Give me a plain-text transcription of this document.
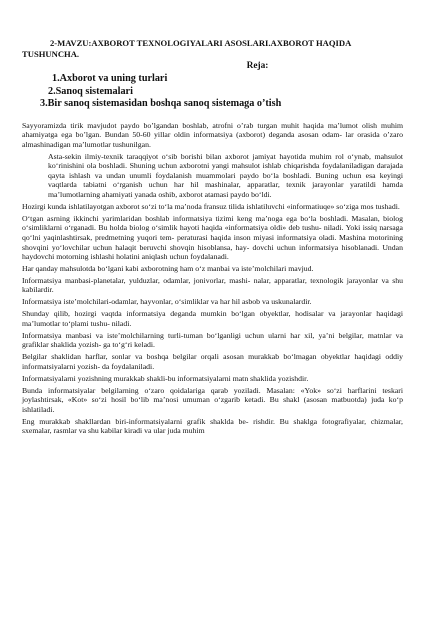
2-MAVZU:AXBOROT TEXNOLOGIYALARI ASOSLARI.AXBOROT HAQIDA TUSHUNCHA.
Reja:
1.Axborot va uning turlari
2.Sanoq sistemalari
3.Bir sanoq sistemasidan boshqa sanoq sistemaga o’tish

Sayyoramizda tirik mavjudot paydo bo’lgandan boshlab, atrofni o’rab turgan muhit haqida ma’lumot olish muhim ahamiyatga ega bo’lgan. Bundan 50-60 yillar oldin informatsiya (axborot) deganda asosan odam- lar orasida o’zaro almashinadigan ma’lumotlar tushunilgan.

Asta-sekin ilmiy-texnik taraqqiyot o‘sib borishi bilan axborot jamiyat hayotida muhim rol o‘ynab, mahsulot ko‘rinishini ola boshladi. Shuning uchun axborotni yangi mahsulot ishlab chiqarishda foydalaniladigan darajada qayta ishlash va undan unumli foydalanish muammolari paydo bo‘la boshladi. Buning uchun esa keyingi vaqtlarda tabiatni o‘rganish uchun har hil mashinalar, apparatlar, texnik jarayonlar yaratildi hamda ma’lumotlarning ahamiyati yanada oshib, axborot atamasi paydo bo‘ldi.

Hozirgi kunda ishlatilayotgan axborot so‘zi to‘la ma’noda fransuz tilida ishlatiluvchi «informatiuqe» so‘ziga mos tushadi.

O‘tgan asrning ikkinchi yarimlaridan boshlab informatsiya tizimi keng ma’noga ega bo‘la boshladi. Masalan, biolog o‘simliklarni o‘rganadi. Bu holda biolog o‘simlik hayoti haqida «informatsiya oldi» deb tushu- niladi. Yoki issiq narsaga qo‘lni yaqinlashtirsak, predmetning yuqori tem- peraturasi haqida inson miyasi informatsiya oladi. Mashina motorining shovqini yo‘lovchilar uchun halaqit beruvchi shovqin hisoblansa, hay- dovchi uchun informatsiya hisoblanadi. Undan haydovchi motorning ishlashi holatini aniqlash uchun foydalanadi.

Har qanday mahsulotda bo‘lgani kabi axborotning ham o‘z manbai va iste’molchilari mavjud.

Informatsiya manbasi-planetalar, yulduzlar, odamlar, jonivorlar, mashi- nalar, apparatlar, texnologik jarayonlar va shu kabilardir.

Informatsiya iste’molchilari-odamlar, hayvonlar, o‘simliklar va har hil asbob va uskunalardir.

Shunday qilib, hozirgi vaqtda informatsiya deganda mumkin bo‘lgan obyektlar, hodisalar va jarayonlar haqidagi ma’lumotlar to‘plami tushu- niladi.

Informatsiya manbasi va iste’molchilarning turli-tuman bo‘lganligi uchun ularni har xil, ya’ni belgilar, matnlar va grafiklar shaklida yozish- ga to‘g‘ri keladi.

Belgilar shaklidan harflar, sonlar va boshqa belgilar orqali asosan murakkab bo‘lmagan obyektlar haqidagi oddiy informatsiyalarni yozish- da foydalaniladi.

Informatsiyalarni yozishning murakkab shakli-bu informatsiyalarni matn shaklida yozishdir.

Bunda informatsiyalar belgilarning o‘zaro qoidalariga qarab yoziladi. Masalan: «Yok» so‘zi harflarini teskari joylashtirsak, «Kot» so‘zi hosil bo‘lib ma’nosi umuman o‘zgarib ketadi. Bu shakl (asosan matbuotda) juda ko‘p ishlatiladi.

Eng murakkab shakllardan biri-informatsiyalarni grafik shaklda be- rishdir. Bu shaklga fotografiyalar, chizmalar, sxemalar, rasmlar va shu kabilar kiradi va ular juda muhim
